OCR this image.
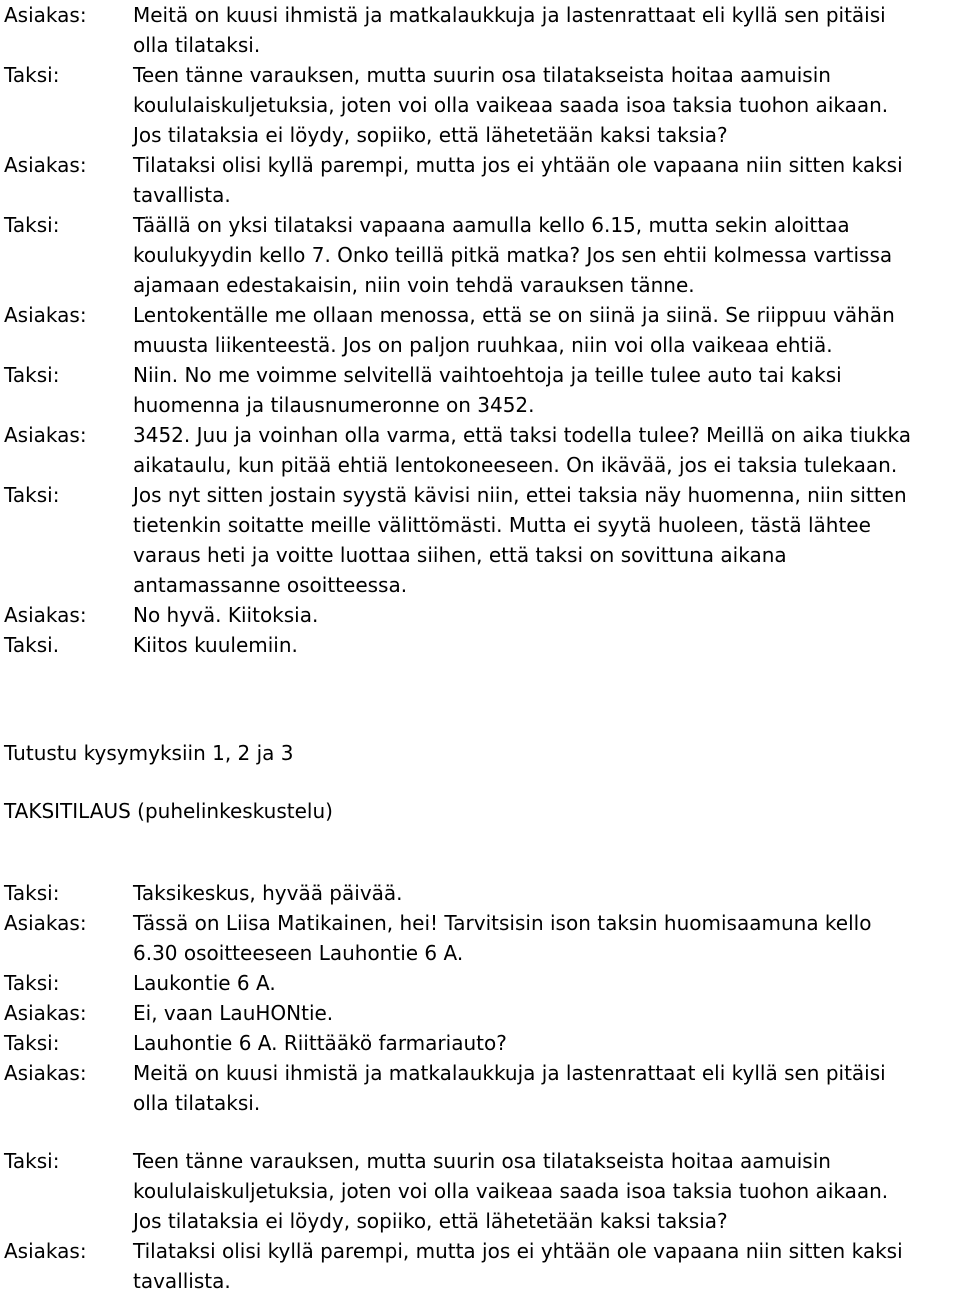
Asiakas:	Meitä on kuusi ihmistä ja matkalaukkuja ja lastenrattaat eli kyllä sen pitäisi
olla tilataksi.
Taksi:	Teen tänne varauksen, mutta suurin osa tilatakseista hoitaa aamuisin
koululaiskuljetuksia, joten voi olla vaikeaa saada isoa taksia tuohon aikaan.
Jos tilataksia ei löydy, sopiiko, että lähetetään kaksi taksia?
Asiakas:	Tilataksi olisi kyllä parempi, mutta jos ei yhtään ole vapaana niin sitten kaksi
tavallista.
Taksi:	Täällä on yksi tilataksi vapaana aamulla kello 6.15, mutta sekin aloittaa
koulukyydin kello 7. Onko teillä pitkä matka? Jos sen ehtii kolmessa vartissa
ajamaan edestakaisin, niin voin tehdä varauksen tänne.
Asiakas:	Lentokentälle me ollaan menossa, että se on siinä ja siinä. Se riippuu vähän
muusta liikenteestä. Jos on paljon ruuhkaa, niin voi olla vaikeaa ehtiä.
Taksi:	Niin. No me voimme selvitellä vaihtoehtoja ja teille tulee auto tai kaksi
huomenna ja tilausnumeronne on 3452.
Asiakas:	3452. Juu ja voinhan olla varma, että taksi todella tulee? Meillä on aika tiukka
aikataulu, kun pitää ehtiä lentokoneeseen. On ikävää, jos ei taksia tulekaan.
Taksi:	Jos nyt sitten jostain syystä kävisi niin, ettei taksia näy huomenna, niin sitten
tietenkin soitatte meille välittömästi. Mutta ei syytä huoleen, tästä lähtee
varaus heti ja voitte luottaa siihen, että taksi on sovittuna aikana
antamassanne osoitteessa.
Asiakas:	No hyvä. Kiitoksia.
Taksi.	Kiitos kuulemiin.
Tutustu kysymyksiin 1, 2 ja 3
TAKSITILAUS (puhelinkeskustelu)
Taksi:	Taksikeskus, hyvää päivää.
Asiakas:	Tässä on Liisa Matikainen, hei! Tarvitsisin ison taksin huomisaamuna kello
6.30 osoitteeseen Lauhontie 6 A.
Taksi:	Laukontie 6 A.
Asiakas:	Ei, vaan LauHONtie.
Taksi:	Lauhontie 6 A. Riittääkö farmariauto?
Asiakas:	Meitä on kuusi ihmistä ja matkalaukkuja ja lastenrattaat eli kyllä sen pitäisi
olla tilataksi.
Taksi:	Teen tänne varauksen, mutta suurin osa tilatakseista hoitaa aamuisin
koululaiskuljetuksia, joten voi olla vaikeaa saada isoa taksia tuohon aikaan.
Jos tilataksia ei löydy, sopiiko, että lähetetään kaksi taksia?
Asiakas:	Tilataksi olisi kyllä parempi, mutta jos ei yhtään ole vapaana niin sitten kaksi
tavallista.
